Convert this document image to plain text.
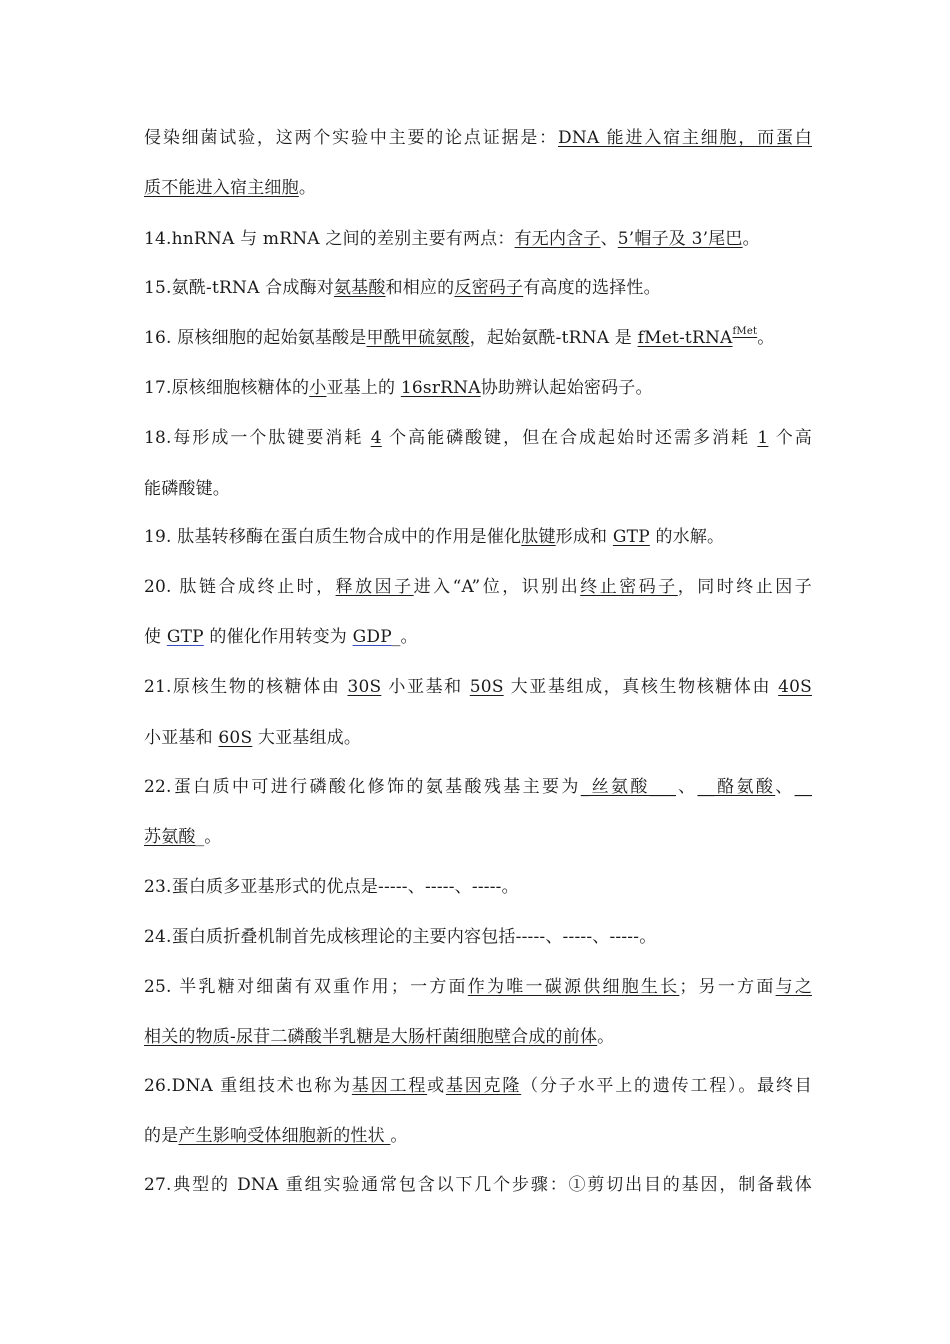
侵染细菌试验，这两个实验中主要的论点证据是：DNA 能进入宿主细胞，而蛋白
质不能进入宿主细胞。
14.hnRNA 与 mRNA 之间的差别主要有两点：有无内含子、5’帽子及 3’尾巴。
15.氨酰-tRNA 合成酶对氨基酸和相应的反密码子有高度的选择性。
16. 原核细胞的起始氨基酸是甲酰甲硫氨酸，起始氨酰-tRNA 是 fMet-tRNA$^{fMet}$。
17.原核细胞核糖体的小亚基上的 16srRNA协助辨认起始密码子。
18.每形成一个肽键要消耗 4 个高能磷酸键，但在合成起始时还需多消耗 1 个高
能磷酸键。
19. 肽基转移酶在蛋白质生物合成中的作用是催化肽键形成和 GTP 的水解。
20. 肽链合成终止时，释放因子进入“A”位，识别出终止密码子，同时终止因子
使 GTP 的催化作用转变为 GDP_。
21.原核生物的核糖体由 30S 小亚基和 50S 大亚基组成，真核生物核糖体由 40S
小亚基和 60S 大亚基组成。
22.蛋白质中可进行磷酸化修饰的氨基酸残基主要为_丝氨酸___、__酪氨酸、__
苏氨酸_。
23.蛋白质多亚基形式的优点是-----、-----、-----。
24.蛋白质折叠机制首先成核理论的主要内容包括-----、-----、-----。
25. 半乳糖对细菌有双重作用；一方面作为唯一碳源供细胞生长；另一方面与之
相关的物质-尿苷二磷酸半乳糖是大肠杆菌细胞壁合成的前体。
26.DNA 重组技术也称为基因工程或基因克隆（分子水平上的遗传工程）。最终目
的是产生影响受体细胞新的性状 。
27.典型的 DNA 重组实验通常包含以下几个步骤：①剪切出目的基因，制备载体
